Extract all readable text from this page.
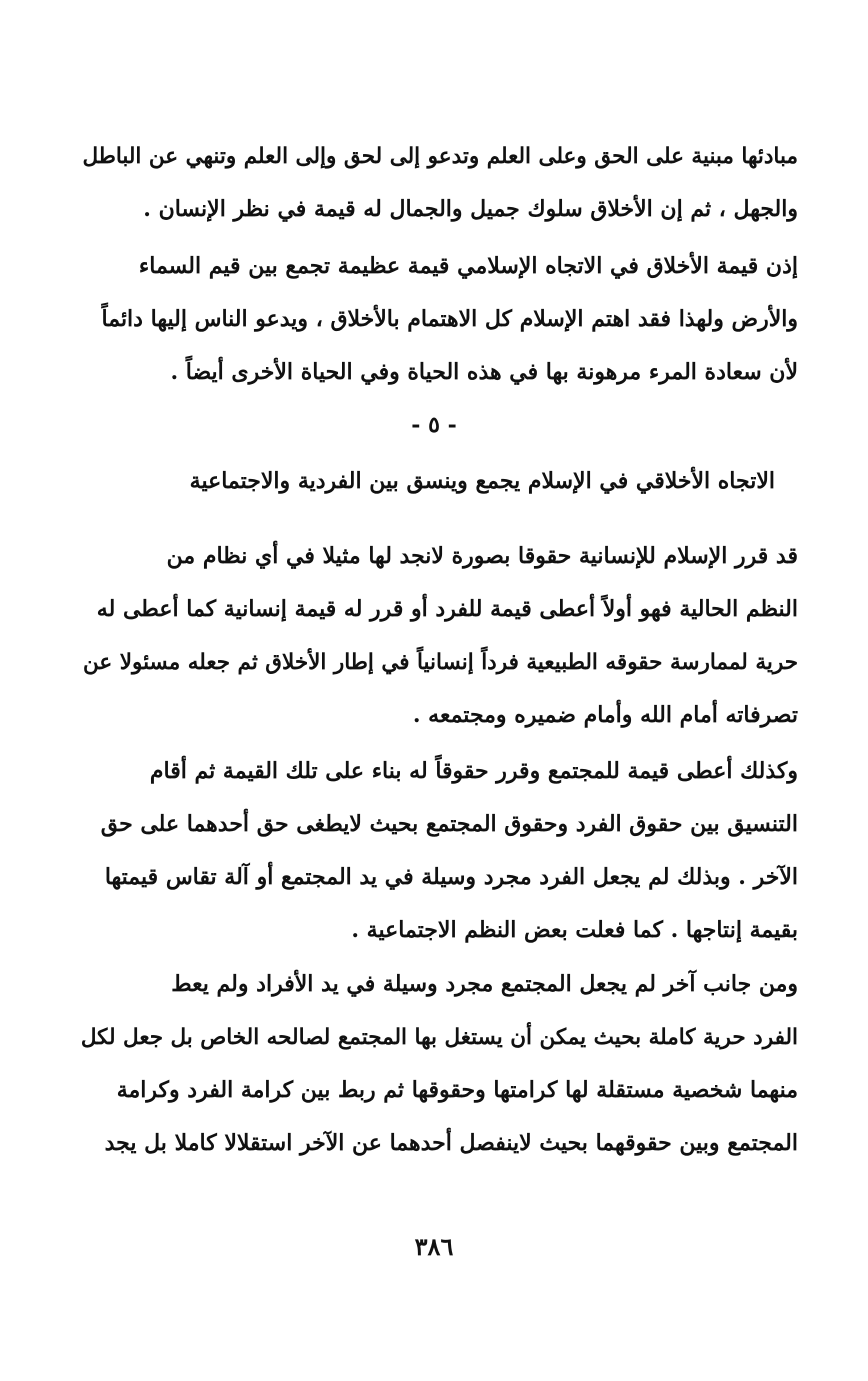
مبادئها مبنية على الحق وعلى العلم وتدعو إلى لحق وإلى العلم وتنهي عن الباطل
والجهل ، ثم إن الأخلاق سلوك جميل والجمال له قيمة في نظر الإنسان .
إذن قيمة الأخلاق في الاتجاه الإسلامي قيمة عظيمة تجمع بين قيم السماء
والأرض ولهذا فقد اهتم الإسلام كل الاهتمام بالأخلاق ، ويدعو الناس إليها دائماً
لأن سعادة المرء مرهونة بها في هذه الحياة وفي الحياة الأخرى أيضاً .
- ٥ -
الاتجاه الأخلاقي في الإسلام يجمع وينسق بين الفردية والاجتماعية
قد قرر الإسلام للإنسانية حقوقا بصورة لانجد لها مثيلا في أي نظام من
النظم الحالية فهو أولاً أعطى قيمة للفرد أو قرر له قيمة إنسانية كما أعطى له
حرية لممارسة حقوقه الطبيعية فرداً إنسانياً في إطار الأخلاق ثم جعله مسئولا عن
تصرفاته أمام الله وأمام ضميره ومجتمعه .
وكذلك أعطى قيمة للمجتمع وقرر حقوقاً له بناء على تلك القيمة ثم أقام
التنسيق بين حقوق الفرد وحقوق المجتمع بحيث لايطغى حق أحدهما على حق
الآخر . وبذلك لم يجعل الفرد مجرد وسيلة في يد المجتمع أو آلة تقاس قيمتها
بقيمة إنتاجها . كما فعلت بعض النظم الاجتماعية .
ومن جانب آخر لم يجعل المجتمع مجرد وسيلة في يد الأفراد ولم يعط
الفرد حرية كاملة بحيث يمكن أن يستغل بها المجتمع لصالحه الخاص بل جعل لكل
منهما شخصية مستقلة لها كرامتها وحقوقها ثم ربط بين كرامة الفرد وكرامة
المجتمع وبين حقوقهما بحيث لاينفصل أحدهما عن الآخر استقلالا كاملا بل يجد
٣٨٦
